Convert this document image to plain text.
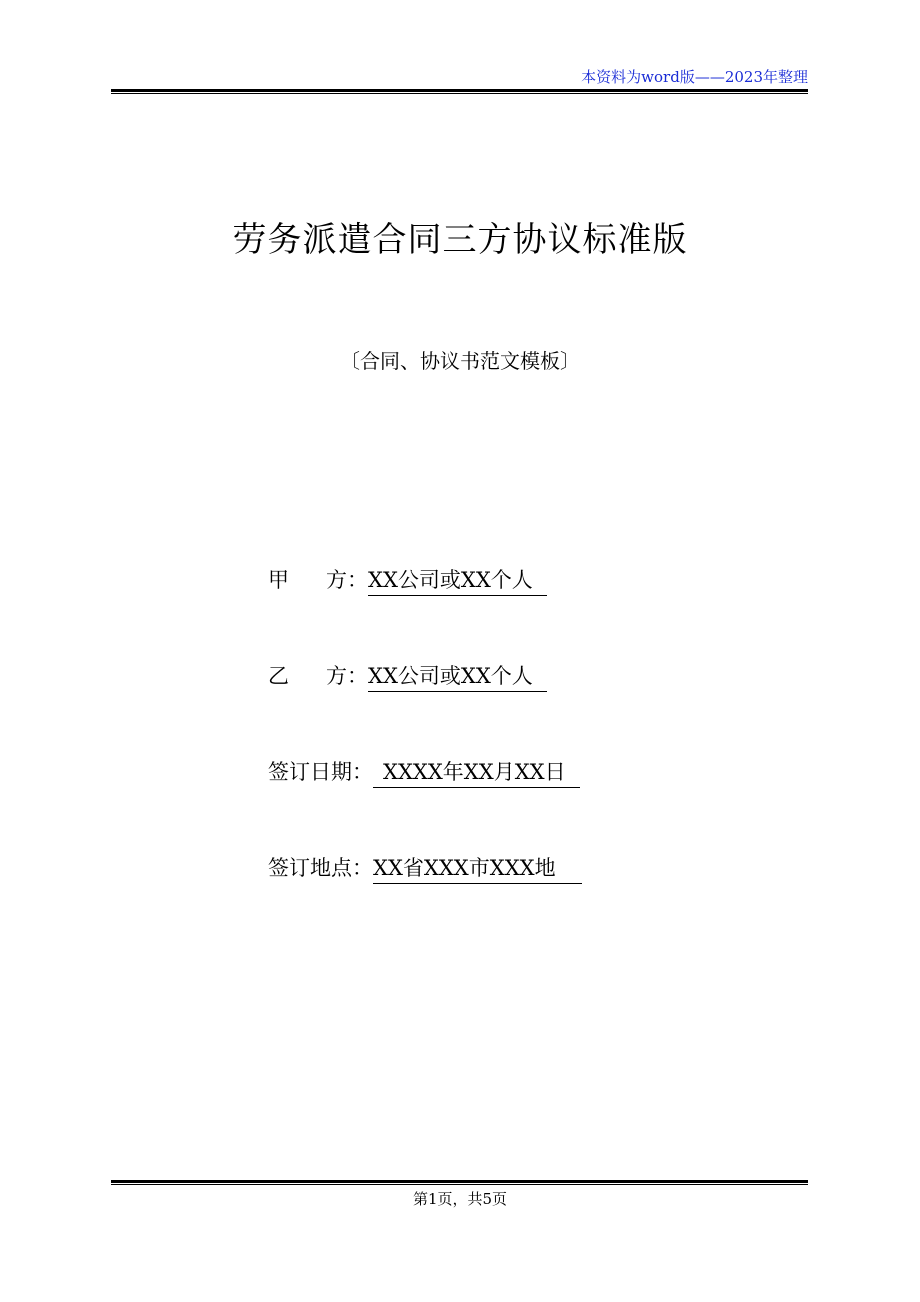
本资料为word版——2023年整理
劳务派遣合同三方协议标准版
〔合同、协议书范文模板〕
甲 方： XX公司或XX个人
乙 方： XX公司或XX个人
签订日期： XXXX年XX月XX日
签订地点： XX省XXX市XXX地
第1页，共5页
